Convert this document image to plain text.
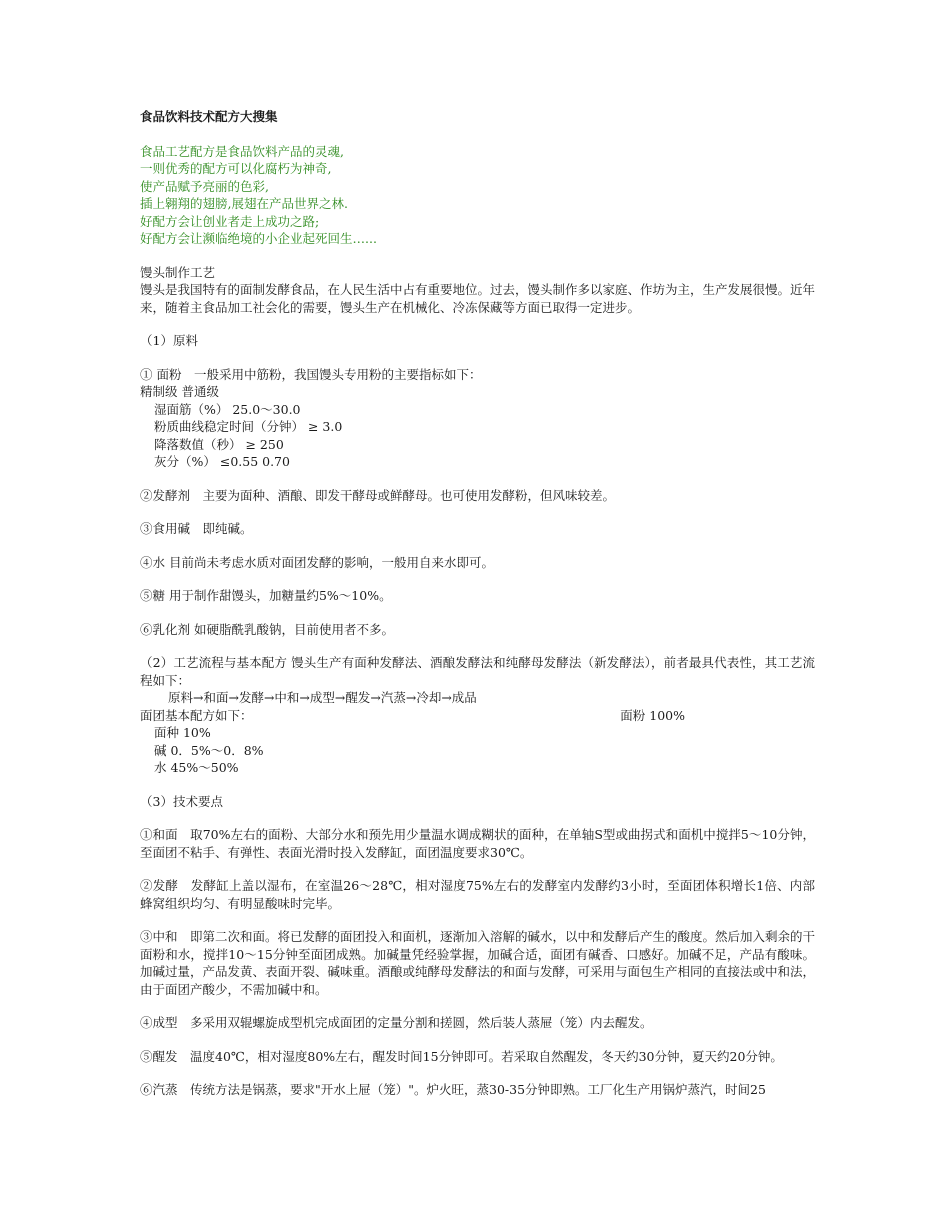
食品饮料技术配方大搜集
食品工艺配方是食品饮料产品的灵魂,
一则优秀的配方可以化腐朽为神奇,
使产品赋予亮丽的色彩,
插上翱翔的翅膀,展翅在产品世界之林.
好配方会让创业者走上成功之路;
好配方会让濒临绝境的小企业起死回生…...
馒头制作工艺
馒头是我国特有的面制发酵食品，在人民生活中占有重要地位。过去，馒头制作多以家庭、作坊为主，生产发展很慢。近年来，随着主食品加工社会化的需要，馒头生产在机械化、冷冻保藏等方面已取得一定进步。
（1）原料
① 面粉　一般采用中筋粉，我国馒头专用粉的主要指标如下：
精制级 普通级
湿面筋（%） 25.0～30.0
粉质曲线稳定时间（分钟） ≥ 3.0
降落数值（秒） ≥ 250
灰分（%） ≤0.55 0.70
②发酵剂　主要为面种、酒酿、即发干酵母或鲜酵母。也可使用发酵粉，但风味较差。
③食用碱　即纯碱。
④水 目前尚未考虑水质对面团发酵的影响，一般用自来水即可。
⑤糖 用于制作甜馒头，加糖量约5%～10%。
⑥乳化剂 如硬脂酰乳酸钠，目前使用者不多。
（2）工艺流程与基本配方 馒头生产有面种发酵法、酒酿发酵法和纯酵母发酵法（新发酵法），前者最具代表性，其工艺流程如下：
原料→和面→发酵→中和→成型→醒发→汽蒸→冷却→成品
面团基本配方如下：	面粉 100%
面种 10%
碱 0．5%～0．8%
水 45%～50%
（3）技术要点
①和面　取70%左右的面粉、大部分水和预先用少量温水调成糊状的面种，在单轴S型或曲拐式和面机中搅拌5～10分钟，至面团不粘手、有弹性、表面光滑时投入发酵缸，面团温度要求30℃。
②发酵　发酵缸上盖以湿布，在室温26～28℃，相对湿度75%左右的发酵室内发酵约3小时，至面团体积增长1倍、内部蜂窝组织均匀、有明显酸味时完毕。
③中和　即第二次和面。将已发酵的面团投入和面机，逐渐加入溶解的碱水，以中和发酵后产生的酸度。然后加入剩余的干面粉和水，搅拌10～15分钟至面团成熟。加碱量凭经验掌握，加碱合适，面团有碱香、口感好。加碱不足，产品有酸味。加碱过量，产品发黄、表面开裂、碱味重。酒酿或纯酵母发酵法的和面与发酵，可采用与面包生产相同的直接法或中和法，由于面团产酸少，不需加碱中和。
④成型　多采用双辊螺旋成型机完成面团的定量分割和搓圆，然后装人蒸屉（笼）内去醒发。
⑤醒发　温度40℃，相对湿度80%左右，醒发时间15分钟即可。若采取自然醒发，冬天约30分钟，夏天约20分钟。
⑥汽蒸　传统方法是锅蒸，要求"开水上屉（笼）"。炉火旺，蒸30-35分钟即熟。工厂化生产用锅炉蒸汽，时间25
